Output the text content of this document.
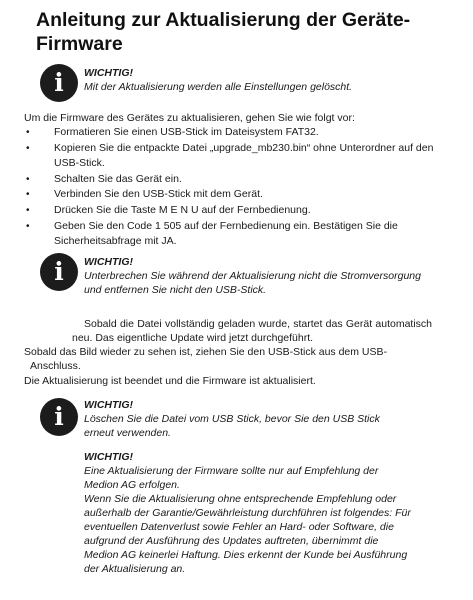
Anleitung zur Aktualisierung der Geräte-Firmware
i	WICHTIG!

Mit der Aktualisierung werden alle Einstellungen gelöscht.

Um die Firmware des Gerätes zu aktualisieren, gehen Sie wie folgt vor:
• Formatieren Sie einen USB-Stick im Dateisystem FAT32.
• Kopieren Sie die entpackte Datei „upgrade_mb230.bin“ ohne Unterordner auf den USB-Stick.
• Schalten Sie das Gerät ein.
• Verbinden Sie den USB-Stick mit dem Gerät.
• Drücken Sie die Taste M E N U auf der Fernbedienung.
• Geben Sie den Code 1 505 auf der Fernbedienung ein. Bestätigen Sie die Sicherheitsabfrage mit JA.
i	WICHTIG!

Unterbrechen Sie während der Aktualisierung nicht die Stromversorgung und entfernen Sie nicht den USB-Stick.

Sobald die Datei vollständig geladen wurde, startet das Gerät automatisch neu. Das eigentliche Update wird jetzt durchgeführt.
Sobald das Bild wieder zu sehen ist, ziehen Sie den USB-Stick aus dem USB-Anschluss.
Die Aktualisierung ist beendet und die Firmware ist aktualisiert.
i	WICHTIG!

Löschen Sie die Datei vom USB Stick, bevor Sie den USB Stick erneut verwenden.

WICHTIG!

Eine Aktualisierung der Firmware sollte nur auf Empfehlung der Medion AG erfolgen.

Wenn Sie die Aktualisierung ohne entsprechende Empfehlung oder außerhalb der Garantie/Gewährleistung durchführen ist folgendes: Für eventuellen Datenverlust sowie Fehler an Hard- oder Software, die aufgrund der Ausführung des Updates auftreten, übernimmt die Medion AG keinerlei Haftung. Dies erkennt der Kunde bei Ausführung der Aktualisierung an.
